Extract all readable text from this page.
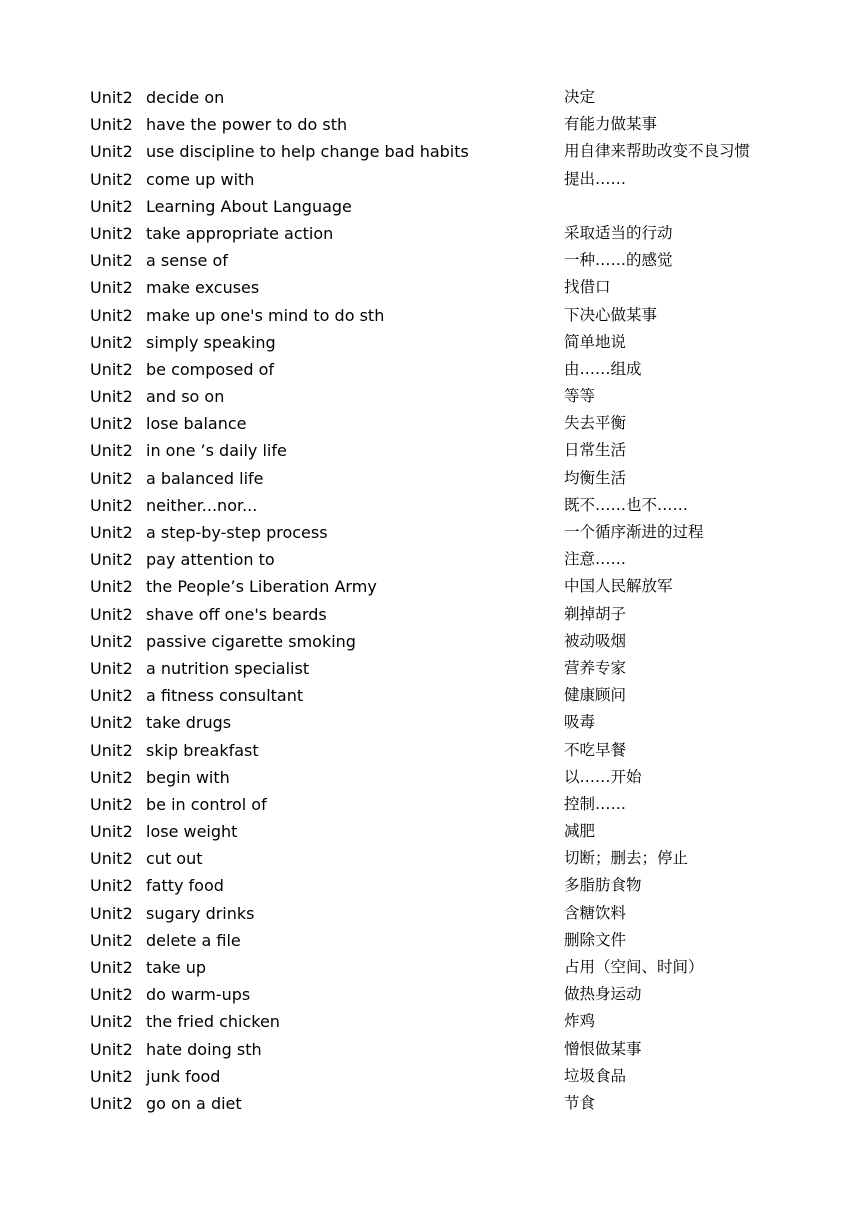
Unit2 decide on	决定
Unit2 have the power to do sth	有能力做某事
Unit2 use discipline to help change bad habits	用自律来帮助改变不良习惯
Unit2 come up with	提出……
Unit2 Learning About Language
Unit2 take appropriate action	采取适当的行动
Unit2 a sense of	一种……的感觉
Unit2 make excuses	找借口
Unit2 make up one's mind to do sth	下决心做某事
Unit2 simply speaking	简单地说
Unit2 be composed of	由……组成
Unit2 and so on	等等
Unit2 lose balance	失去平衡
Unit2 in one ’s daily life	日常生活
Unit2 a balanced life	均衡生活
Unit2 neither...nor...	既不……也不……
Unit2 a step-by-step process	一个循序渐进的过程
Unit2 pay attention to	注意……
Unit2 the People’s Liberation Army	中国人民解放军
Unit2 shave off one's beards	剃掉胡子
Unit2 passive cigarette smoking	被动吸烟
Unit2 a nutrition specialist	营养专家
Unit2 a fitness consultant	健康顾问
Unit2 take drugs	吸毒
Unit2 skip breakfast	不吃早餐
Unit2 begin with	以……开始
Unit2 be in control of	控制……
Unit2 lose weight	减肥
Unit2 cut out	切断；删去；停止
Unit2 fatty food	多脂肪食物
Unit2 sugary drinks	含糖饮料
Unit2 delete a file	删除文件
Unit2 take up	占用（空间、时间）
Unit2 do warm-ups	做热身运动
Unit2 the fried chicken	炸鸡
Unit2 hate doing sth	憎恨做某事
Unit2 junk food	垃圾食品
Unit2 go on a diet	节食
